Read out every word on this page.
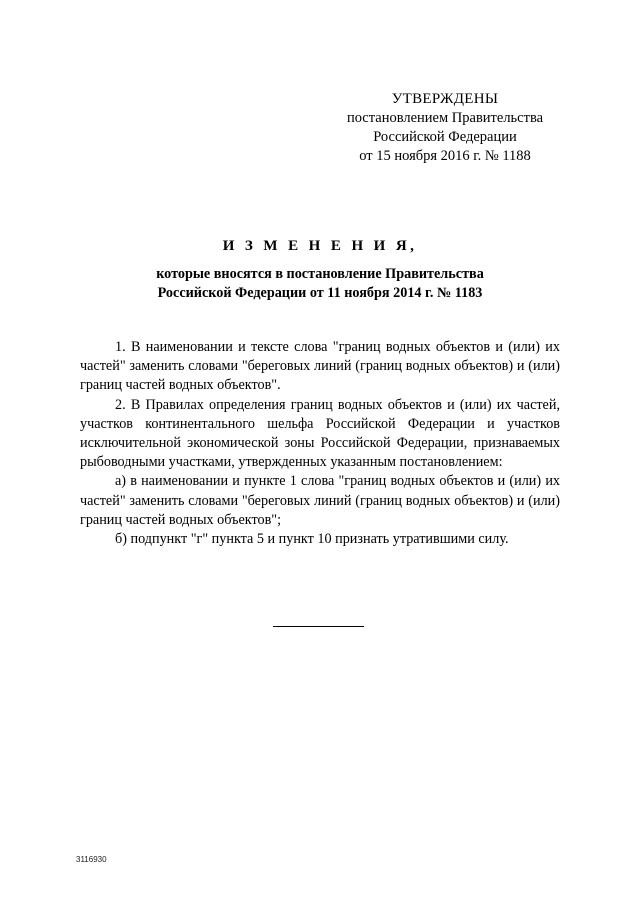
УТВЕРЖДЕНЫ
постановлением Правительства
Российской Федерации
от 15 ноября 2016 г. № 1188
И З М Е Н Е Н И Я,
которые вносятся в постановление Правительства
Российской Федерации от 11 ноября 2014 г. № 1183

1. В наименовании и тексте слова "границ водных объектов и (или) их частей" заменить словами "береговых линий (границ водных объектов) и (или) границ частей водных объектов".

2. В Правилах определения границ водных объектов и (или) их частей, участков континентального шельфа Российской Федерации и участков исключительной экономической зоны Российской Федерации, признаваемых рыбоводными участками, утвержденных указанным постановлением:

а) в наименовании и пункте 1 слова "границ водных объектов и (или) их частей" заменить словами "береговых линий (границ водных объектов) и (или) границ частей водных объектов";

б) подпункт "г" пункта 5 и пункт 10 признать утратившими силу.

3116930
